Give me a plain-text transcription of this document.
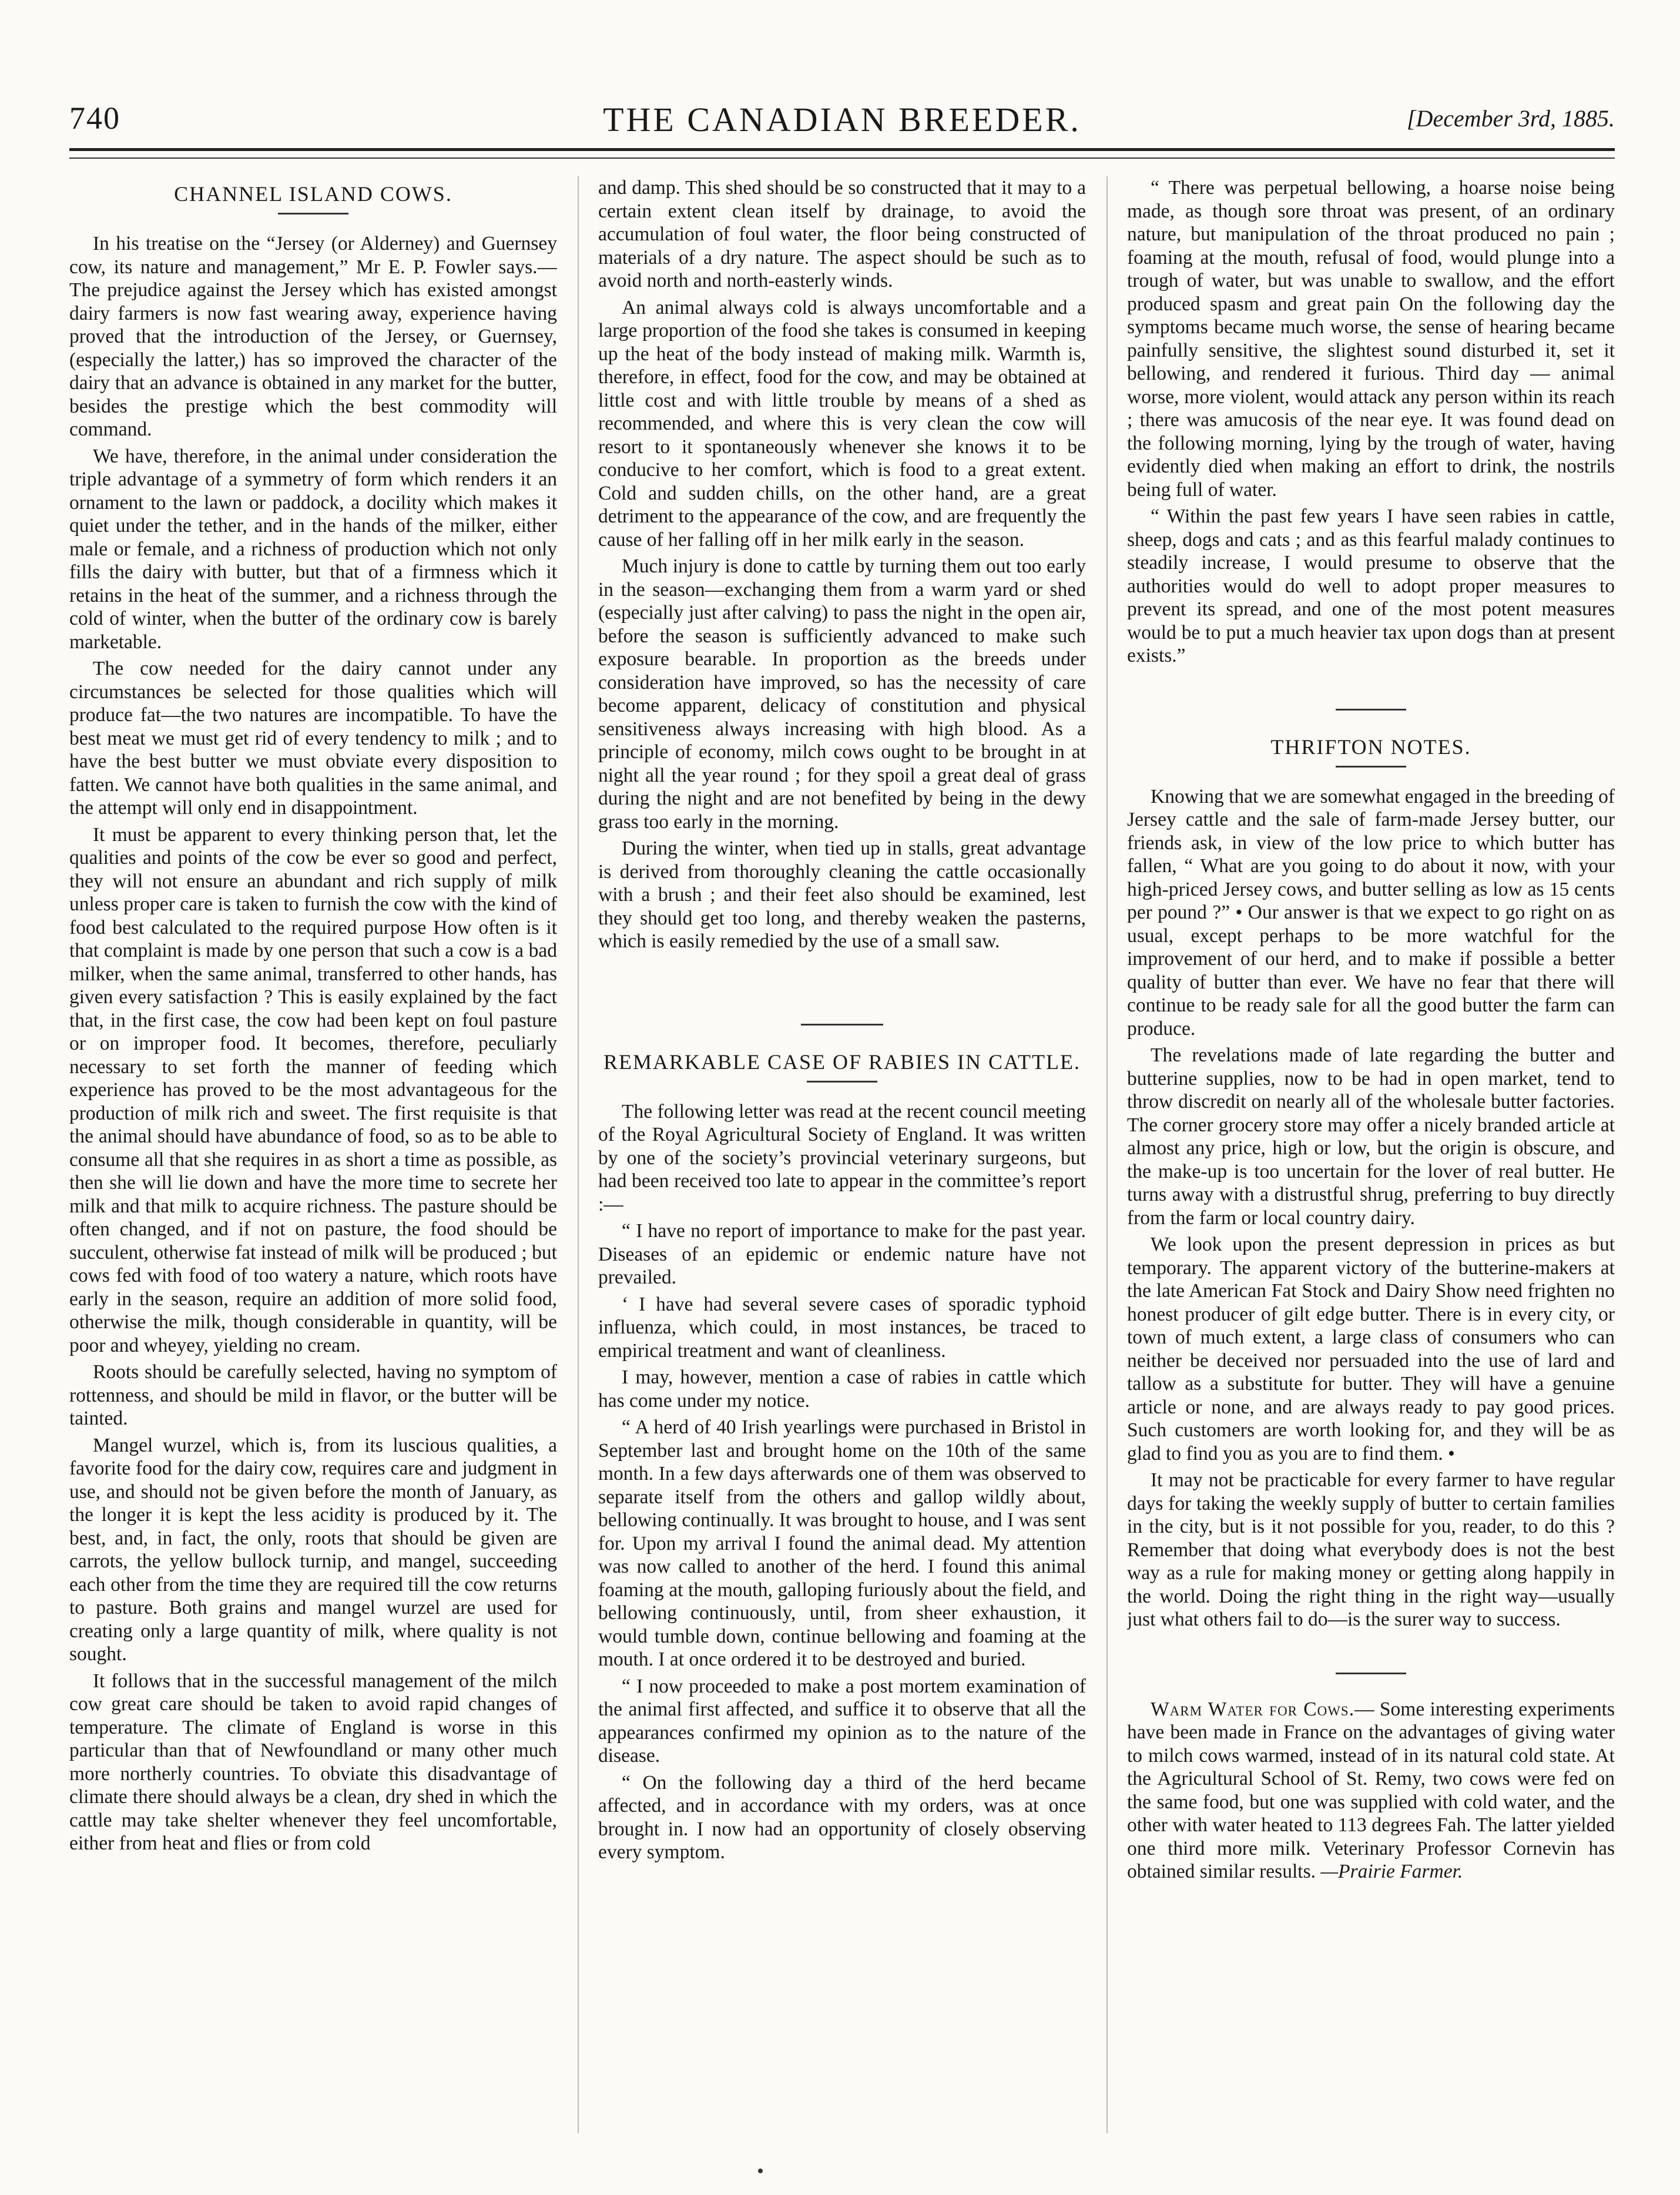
740	THE CANADIAN BREEDER.	[December 3rd, 1885.
CHANNEL ISLAND COWS.

In his treatise on the “Jersey (or Alderney) and Guernsey cow, its nature and management,” Mr E. P. Fowler says.—The prejudice against the Jersey which has existed amongst dairy farmers is now fast wearing away, experience having proved that the introduction of the Jersey, or Guernsey, (especially the latter,) has so improved the character of the dairy that an advance is obtained in any market for the butter, besides the prestige which the best commodity will command.

We have, therefore, in the animal under consideration the triple advantage of a symmetry of form which renders it an ornament to the lawn or paddock, a docility which makes it quiet under the tether, and in the hands of the milker, either male or female, and a richness of production which not only fills the dairy with butter, but that of a firmness which it retains in the heat of the summer, and a richness through the cold of winter, when the butter of the ordinary cow is barely marketable.

The cow needed for the dairy cannot under any circumstances be selected for those qualities which will produce fat—the two natures are incompatible. To have the best meat we must get rid of every tendency to milk ; and to have the best butter we must obviate every disposition to fatten. We cannot have both qualities in the same animal, and the attempt will only end in disappointment.

It must be apparent to every thinking person that, let the qualities and points of the cow be ever so good and perfect, they will not ensure an abundant and rich supply of milk unless proper care is taken to furnish the cow with the kind of food best calculated to the required purpose How often is it that complaint is made by one person that such a cow is a bad milker, when the same animal, transferred to other hands, has given every satisfaction ? This is easily explained by the fact that, in the first case, the cow had been kept on foul pasture or on improper food. It becomes, therefore, peculiarly necessary to set forth the manner of feeding which experience has proved to be the most advantageous for the production of milk rich and sweet. The first requisite is that the animal should have abundance of food, so as to be able to consume all that she requires in as short a time as possible, as then she will lie down and have the more time to secrete her milk and that milk to acquire richness. The pasture should be often changed, and if not on pasture, the food should be succulent, otherwise fat instead of milk will be produced ; but cows fed with food of too watery a nature, which roots have early in the season, require an addition of more solid food, otherwise the milk, though considerable in quantity, will be poor and wheyey, yielding no cream.

Roots should be carefully selected, having no symptom of rottenness, and should be mild in flavor, or the butter will be tainted.

Mangel wurzel, which is, from its luscious qualities, a favorite food for the dairy cow, requires care and judgment in use, and should not be given before the month of January, as the longer it is kept the less acidity is produced by it. The best, and, in fact, the only, roots that should be given are carrots, the yellow bullock turnip, and mangel, succeeding each other from the time they are required till the cow returns to pasture. Both grains and mangel wurzel are used for creating only a large quantity of milk, where quality is not sought.

It follows that in the successful management of the milch cow great care should be taken to avoid rapid changes of temperature. The climate of England is worse in this particular than that of Newfoundland or many other much more northerly countries. To obviate this disadvantage of climate there should always be a clean, dry shed in which the cattle may take shelter whenever they feel uncomfortable, either from heat and flies or from cold

and damp. This shed should be so constructed that it may to a certain extent clean itself by drainage, to avoid the accumulation of foul water, the floor being constructed of materials of a dry nature. The aspect should be such as to avoid north and north-easterly winds.

An animal always cold is always uncomfortable and a large proportion of the food she takes is consumed in keeping up the heat of the body instead of making milk. Warmth is, therefore, in effect, food for the cow, and may be obtained at little cost and with little trouble by means of a shed as recommended, and where this is very clean the cow will resort to it spontaneously whenever she knows it to be conducive to her comfort, which is food to a great extent. Cold and sudden chills, on the other hand, are a great detriment to the appearance of the cow, and are frequently the cause of her falling off in her milk early in the season.

Much injury is done to cattle by turning them out too early in the season—exchanging them from a warm yard or shed (especially just after calving) to pass the night in the open air, before the season is sufficiently advanced to make such exposure bearable. In proportion as the breeds under consideration have improved, so has the necessity of care become apparent, delicacy of constitution and physical sensitiveness always increasing with high blood. As a principle of economy, milch cows ought to be brought in at night all the year round ; for they spoil a great deal of grass during the night and are not benefited by being in the dewy grass too early in the morning.

During the winter, when tied up in stalls, great advantage is derived from thoroughly cleaning the cattle occasionally with a brush ; and their feet also should be examined, lest they should get too long, and thereby weaken the pasterns, which is easily remedied by the use of a small saw.

REMARKABLE CASE OF RABIES IN CATTLE.

The following letter was read at the recent council meeting of the Royal Agricultural Society of England. It was written by one of the society’s provincial veterinary surgeons, but had been received too late to appear in the committee’s report :—

“ I have no report of importance to make for the past year. Diseases of an epidemic or endemic nature have not prevailed.

‘ I have had several severe cases of sporadic typhoid influenza, which could, in most instances, be traced to empirical treatment and want of cleanliness.

I may, however, mention a case of rabies in cattle which has come under my notice.

“ A herd of 40 Irish yearlings were purchased in Bristol in September last and brought home on the 10th of the same month. In a few days afterwards one of them was observed to separate itself from the others and gallop wildly about, bellowing continually. It was brought to house, and I was sent for. Upon my arrival I found the animal dead. My attention was now called to another of the herd. I found this animal foaming at the mouth, galloping furiously about the field, and bellowing continuously, until, from sheer exhaustion, it would tumble down, continue bellowing and foaming at the mouth. I at once ordered it to be destroyed and buried.

“ I now proceeded to make a post mortem examination of the animal first affected, and suffice it to observe that all the appearances confirmed my opinion as to the nature of the disease.

“ On the following day a third of the herd became affected, and in accordance with my orders, was at once brought in. I now had an opportunity of closely observing every symptom.

“ There was perpetual bellowing, a hoarse noise being made, as though sore throat was present, of an ordinary nature, but manipulation of the throat produced no pain ; foaming at the mouth, refusal of food, would plunge into a trough of water, but was unable to swallow, and the effort produced spasm and great pain On the following day the symptoms became much worse, the sense of hearing became painfully sensitive, the slightest sound disturbed it, set it bellowing, and rendered it furious. Third day — animal worse, more violent, would attack any person within its reach ; there was amucosis of the near eye. It was found dead on the following morning, lying by the trough of water, having evidently died when making an effort to drink, the nostrils being full of water.

“ Within the past few years I have seen rabies in cattle, sheep, dogs and cats ; and as this fearful malady continues to steadily increase, I would presume to observe that the authorities would do well to adopt proper measures to prevent its spread, and one of the most potent measures would be to put a much heavier tax upon dogs than at present exists.”

THRIFTON NOTES.

Knowing that we are somewhat engaged in the breeding of Jersey cattle and the sale of farm-made Jersey butter, our friends ask, in view of the low price to which butter has fallen, “ What are you going to do about it now, with your high-priced Jersey cows, and butter selling as low as 15 cents per pound ?” • Our answer is that we expect to go right on as usual, except perhaps to be more watchful for the improvement of our herd, and to make if possible a better quality of butter than ever. We have no fear that there will continue to be ready sale for all the good butter the farm can produce.

The revelations made of late regarding the butter and butterine supplies, now to be had in open market, tend to throw discredit on nearly all of the wholesale butter factories. The corner grocery store may offer a nicely branded article at almost any price, high or low, but the origin is obscure, and the make-up is too uncertain for the lover of real butter. He turns away with a distrustful shrug, preferring to buy directly from the farm or local country dairy.

We look upon the present depression in prices as but temporary. The apparent victory of the butterine-makers at the late American Fat Stock and Dairy Show need frighten no honest producer of gilt edge butter. There is in every city, or town of much extent, a large class of consumers who can neither be deceived nor persuaded into the use of lard and tallow as a substitute for butter. They will have a genuine article or none, and are always ready to pay good prices. Such customers are worth looking for, and they will be as glad to find you as you are to find them. •

It may not be practicable for every farmer to have regular days for taking the weekly supply of butter to certain families in the city, but is it not possible for you, reader, to do this ? Remember that doing what everybody does is not the best way as a rule for making money or getting along happily in the world. Doing the right thing in the right way—usually just what others fail to do—is the surer way to success.

Warm Water for Cows.— Some interesting experiments have been made in France on the advantages of giving water to milch cows warmed, instead of in its natural cold state. At the Agricultural School of St. Remy, two cows were fed on the same food, but one was supplied with cold water, and the other with water heated to 113 degrees Fah. The latter yielded one third more milk. Veterinary Professor Cornevin has obtained similar results. —Prairie Farmer.
